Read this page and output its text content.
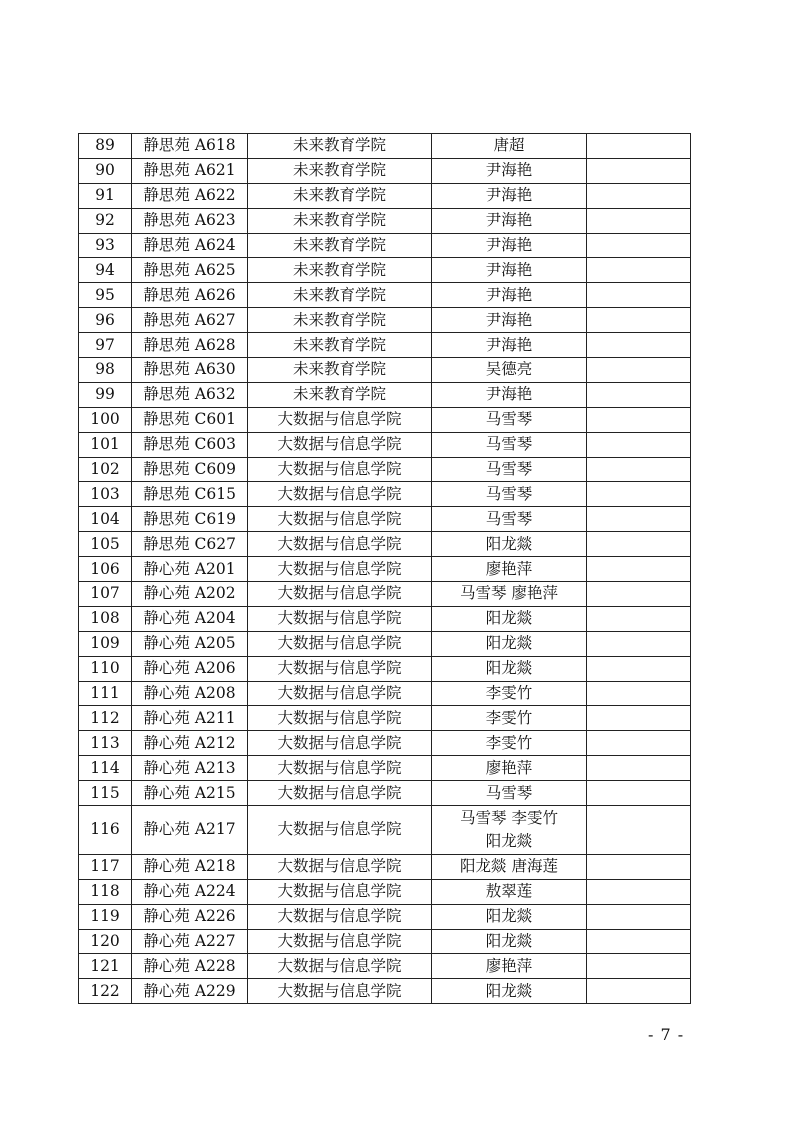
89	静思苑 A618	未来教育学院	唐超	
90	静思苑 A621	未来教育学院	尹海艳	
91	静思苑 A622	未来教育学院	尹海艳	
92	静思苑 A623	未来教育学院	尹海艳	
93	静思苑 A624	未来教育学院	尹海艳	
94	静思苑 A625	未来教育学院	尹海艳	
95	静思苑 A626	未来教育学院	尹海艳	
96	静思苑 A627	未来教育学院	尹海艳	
97	静思苑 A628	未来教育学院	尹海艳	
98	静思苑 A630	未来教育学院	吴德亮	
99	静思苑 A632	未来教育学院	尹海艳	
100	静思苑 C601	大数据与信息学院	马雪琴	
101	静思苑 C603	大数据与信息学院	马雪琴	
102	静思苑 C609	大数据与信息学院	马雪琴	
103	静思苑 C615	大数据与信息学院	马雪琴	
104	静思苑 C619	大数据与信息学院	马雪琴	
105	静思苑 C627	大数据与信息学院	阳龙燚	
106	静心苑 A201	大数据与信息学院	廖艳萍	
107	静心苑 A202	大数据与信息学院	马雪琴 廖艳萍	
108	静心苑 A204	大数据与信息学院	阳龙燚	
109	静心苑 A205	大数据与信息学院	阳龙燚	
110	静心苑 A206	大数据与信息学院	阳龙燚	
111	静心苑 A208	大数据与信息学院	李雯竹	
112	静心苑 A211	大数据与信息学院	李雯竹	
113	静心苑 A212	大数据与信息学院	李雯竹	
114	静心苑 A213	大数据与信息学院	廖艳萍	
115	静心苑 A215	大数据与信息学院	马雪琴	
116	静心苑 A217	大数据与信息学院	马雪琴 李雯竹
阳龙燚	

117	静心苑 A218	大数据与信息学院	阳龙燚 唐海莲	
118	静心苑 A224	大数据与信息学院	敖翠莲	
119	静心苑 A226	大数据与信息学院	阳龙燚	
120	静心苑 A227	大数据与信息学院	阳龙燚	
121	静心苑 A228	大数据与信息学院	廖艳萍	
122	静心苑 A229	大数据与信息学院	阳龙燚	
- 7 -
